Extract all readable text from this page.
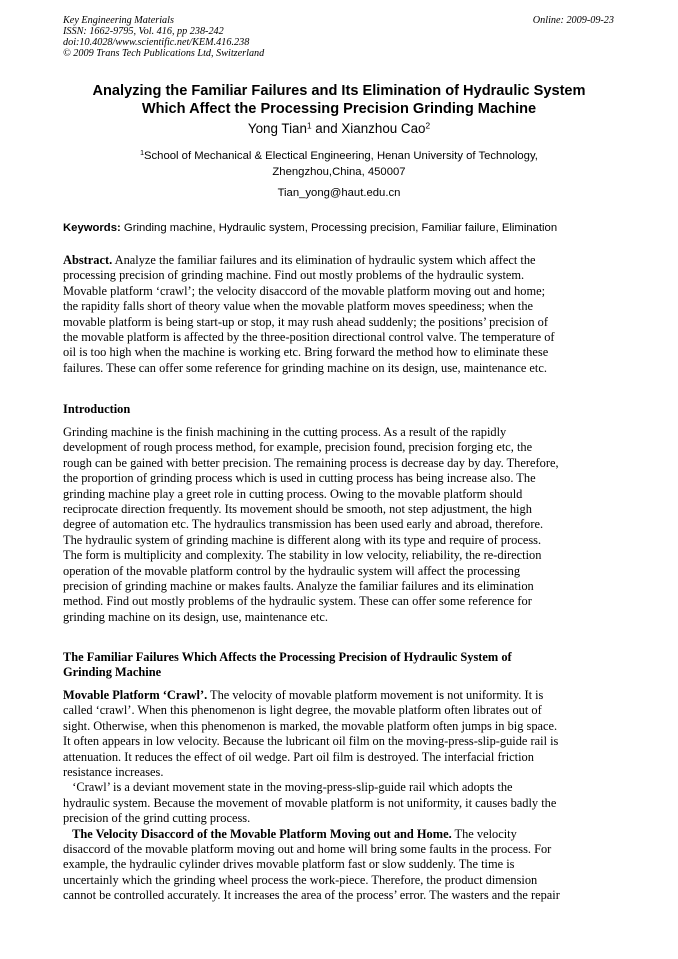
Key Engineering Materials
ISSN: 1662-9795, Vol. 416, pp 238-242
doi:10.4028/www.scientific.net/KEM.416.238
© 2009 Trans Tech Publications Ltd, Switzerland
Online: 2009-09-23
Analyzing the Familiar Failures and Its Elimination of Hydraulic System
Which Affect the Processing Precision Grinding Machine
Yong Tian$^1$ and Xianzhou Cao$^2$
$^1$School of Mechanical & Electical Engineering, Henan University of Technology,
Zhengzhou,China, 450007
Tian_yong@haut.edu.cn
Keywords: Grinding machine, Hydraulic system, Processing precision, Familiar failure, Elimination
Abstract. Analyze the familiar failures and its elimination of hydraulic system which affect the
processing precision of grinding machine. Find out mostly problems of the hydraulic system.
Movable platform ‘crawl’; the velocity disaccord of the movable platform moving out and home;
the rapidity falls short of theory value when the movable platform moves speediness; when the
movable platform is being start-up or stop, it may rush ahead suddenly; the positions’ precision of
the movable platform is affected by the three-position directional control valve. The temperature of
oil is too high when the machine is working etc. Bring forward the method how to eliminate these
failures. These can offer some reference for grinding machine on its design, use, maintenance etc.
Introduction
Grinding machine is the finish machining in the cutting process. As a result of the rapidly
development of rough process method, for example, precision found, precision forging etc, the
rough can be gained with better precision. The remaining process is decrease day by day. Therefore,
the proportion of grinding process which is used in cutting process has being increase also. The
grinding machine play a greet role in cutting process. Owing to the movable platform should
reciprocate direction frequently. Its movement should be smooth, not step adjustment, the high
degree of automation etc. The hydraulics transmission has been used early and abroad, therefore.
The hydraulic system of grinding machine is different along with its type and require of process.
The form is multiplicity and complexity. The stability in low velocity, reliability, the re-direction
operation of the movable platform control by the hydraulic system will affect the processing
precision of grinding machine or makes faults. Analyze the familiar failures and its elimination
method. Find out mostly problems of the hydraulic system. These can offer some reference for
grinding machine on its design, use, maintenance etc.
The Familiar Failures Which Affects the Processing Precision of Hydraulic System of
Grinding Machine
Movable Platform ‘Crawl’. The velocity of movable platform movement is not uniformity. It is
called ‘crawl’. When this phenomenon is light degree, the movable platform often librates out of
sight. Otherwise, when this phenomenon is marked, the movable platform often jumps in big space.
It often appears in low velocity. Because the lubricant oil film on the moving-press-slip-guide rail is
attenuation. It reduces the effect of oil wedge. Part oil film is destroyed. The interfacial friction
resistance increases.
‘Crawl’ is a deviant movement state in the moving-press-slip-guide rail which adopts the
hydraulic system. Because the movement of movable platform is not uniformity, it causes badly the
precision of the grind cutting process.
The Velocity Disaccord of the Movable Platform Moving out and Home. The velocity
disaccord of the movable platform moving out and home will bring some faults in the process. For
example, the hydraulic cylinder drives movable platform fast or slow suddenly. The time is
uncertainly which the grinding wheel process the work-piece. Therefore, the product dimension
cannot be controlled accurately. It increases the area of the process’ error. The wasters and the repair
